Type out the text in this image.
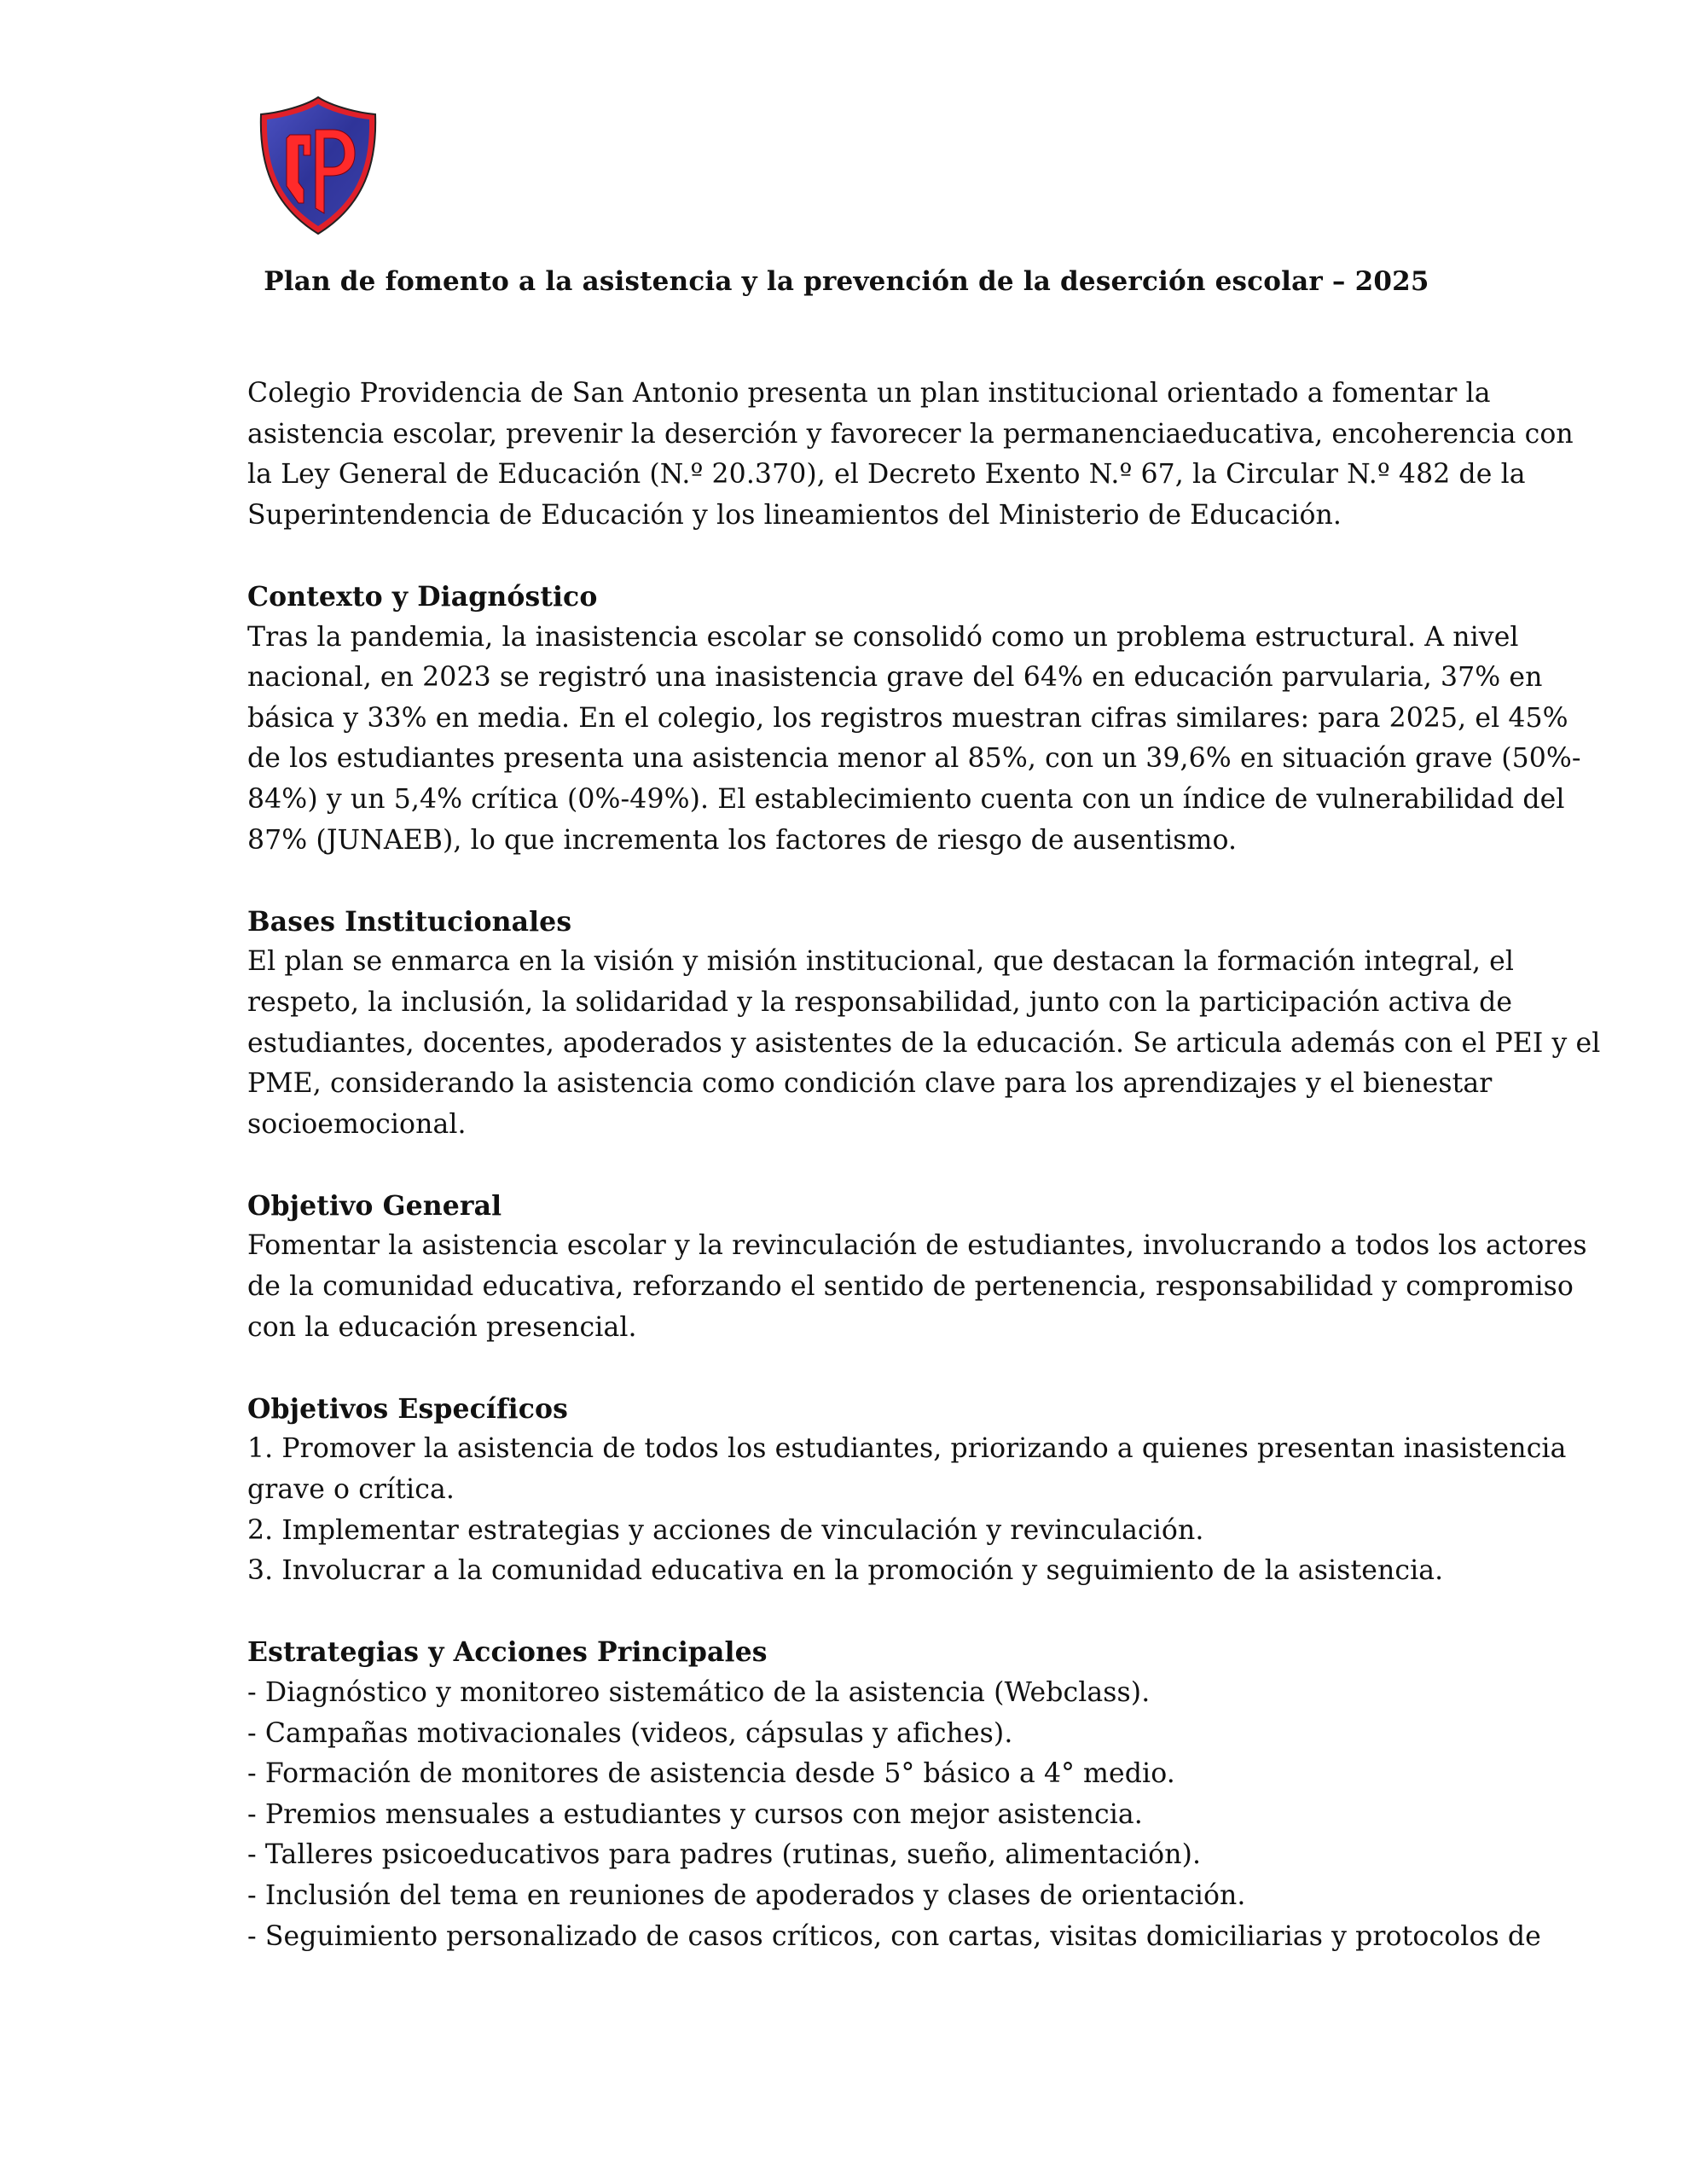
Plan de fomento a la asistencia y la prevención de la deserción escolar – 2025
Colegio Providencia de San Antonio presenta un plan institucional orientado a fomentar la
asistencia escolar, prevenir la deserción y favorecer la permanenciaeducativa, encoherencia con
la Ley General de Educación (N.º 20.370), el Decreto Exento N.º 67, la Circular N.º 482 de la
Superintendencia de Educación y los lineamientos del Ministerio de Educación.
Contexto y Diagnóstico
Tras la pandemia, la inasistencia escolar se consolidó como un problema estructural. A nivel
nacional, en 2023 se registró una inasistencia grave del 64% en educación parvularia, 37% en
básica y 33% en media. En el colegio, los registros muestran cifras similares: para 2025, el 45%
de los estudiantes presenta una asistencia menor al 85%, con un 39,6% en situación grave (50%-
84%) y un 5,4% crítica (0%-49%). El establecimiento cuenta con un índice de vulnerabilidad del
87% (JUNAEB), lo que incrementa los factores de riesgo de ausentismo.
Bases Institucionales
El plan se enmarca en la visión y misión institucional, que destacan la formación integral, el
respeto, la inclusión, la solidaridad y la responsabilidad, junto con la participación activa de
estudiantes, docentes, apoderados y asistentes de la educación. Se articula además con el PEI y el
PME, considerando la asistencia como condición clave para los aprendizajes y el bienestar
socioemocional.
Objetivo General
Fomentar la asistencia escolar y la revinculación de estudiantes, involucrando a todos los actores
de la comunidad educativa, reforzando el sentido de pertenencia, responsabilidad y compromiso
con la educación presencial.
Objetivos Específicos
1. Promover la asistencia de todos los estudiantes, priorizando a quienes presentan inasistencia
grave o crítica.
2. Implementar estrategias y acciones de vinculación y revinculación.
3. Involucrar a la comunidad educativa en la promoción y seguimiento de la asistencia.
Estrategias y Acciones Principales
- Diagnóstico y monitoreo sistemático de la asistencia (Webclass).
- Campañas motivacionales (videos, cápsulas y afiches).
- Formación de monitores de asistencia desde 5° básico a 4° medio.
- Premios mensuales a estudiantes y cursos con mejor asistencia.
- Talleres psicoeducativos para padres (rutinas, sueño, alimentación).
- Inclusión del tema en reuniones de apoderados y clases de orientación.
- Seguimiento personalizado de casos críticos, con cartas, visitas domiciliarias y protocolos de
